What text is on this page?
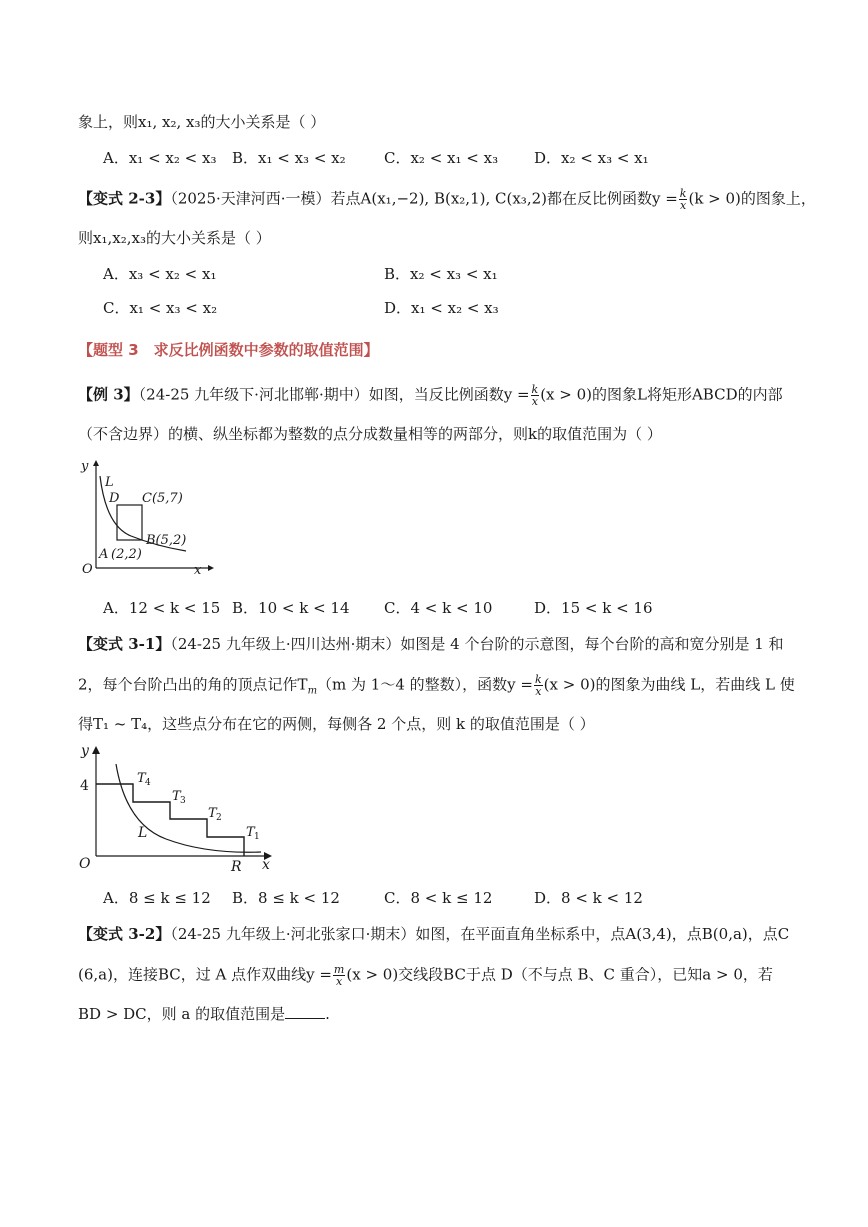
象上，则x₁, x₂, x₃的大小关系是（ ）
A．x₁ < x₂ < x₃ B．x₁ < x₃ < x₂	C．x₂ < x₁ < x₃ D．x₂ < x₃ < x₁
【变式 2-3】（2025·天津河西·一模）若点A(x₁,−2), B(x₂,1), C(x₃,2)都在反比例函数$y = \frac{k}{x} (k > 0)$的图象上，
则x₁,x₂,x₃的大小关系是（ ）
A．x₃ < x₂ < x₁	B．x₂ < x₃ < x₁
C．x₁ < x₃ < x₂	D．x₁ < x₂ < x₃
【题型 3　求反比例函数中参数的取值范围】
【例 3】（24-25 九年级下·河北邯郸·期中）如图，当反比例函数$y = \frac{k}{x} (x > 0)$的图象L将矩形ABCD的内部
（不含边界）的横、纵坐标都为整数的点分成数量相等的两部分，则k的取值范围为（ ）
y
x
O
L
D C(5,7)
B(5,2)
A (2,2)
A．12 < k < 15 B．10 < k < 14 C．4 < k < 10	D．15 < k < 16
【变式 3-1】（24-25 九年级上·四川达州·期末）如图是 4 个台阶的示意图，每个台阶的高和宽分别是 1 和
2，每个台阶凸出的角的顶点记作$T_m(m$ 为 1～4 的整数），函数$y = \frac{k}{x} (x > 0)$的图象为曲线 L，若曲线 L 使
得T₁ ~ T₄，这些点分布在它的两侧，每侧各 2 个点，则 k 的取值范围是（ ）
y
x
O
4
L
R
T 4
T 3
T 2
T 1
A．8 ≤ k ≤ 12 B．8 ≤ k < 12	C．8 < k ≤ 12	D．8 < k < 12
【变式 3-2】（24-25 九年级上·河北张家口·期末）如图，在平面直角坐标系中，点A(3,4)，点B(0,a)，点C
(6,a)，连接BC，过 A 点作双曲线$y = \frac{m}{x} (x > 0)$交线段BC于点 D（不与点 B、C 重合），已知a > 0，若
BD > DC，则 a 的取值范围是	.
